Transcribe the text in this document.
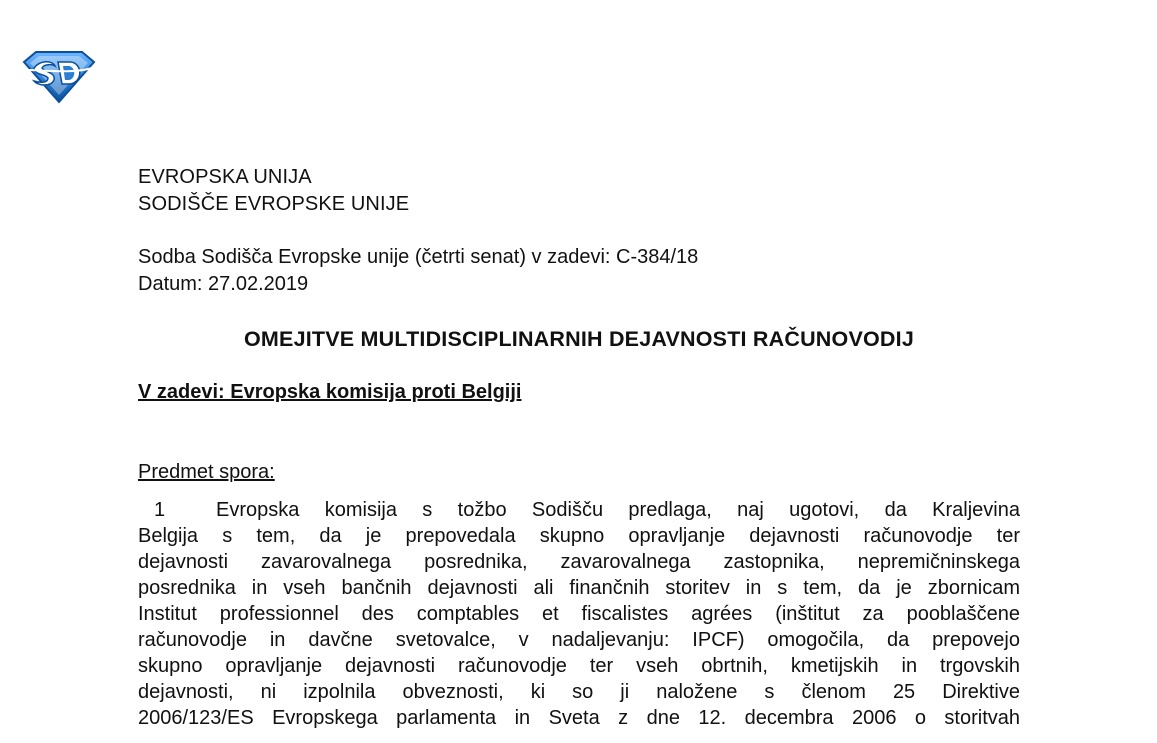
EVROPSKA UNIJA

SODIŠČE EVROPSKE UNIJE

Sodba Sodišča Evropske unije (četrti senat) v zadevi: C-384/18

Datum: 27.02.2019

OMEJITVE MULTIDISCIPLINARNIH DEJAVNOSTI RAČUNOVODIJ

V zadevi: Evropska komisija proti Belgiji

Predmet spora:

1	Evropska komisija s tožbo Sodišču predlaga, naj ugotovi, da Kraljevina
Belgija s tem, da je prepovedala skupno opravljanje dejavnosti računovodje ter
dejavnosti zavarovalnega posrednika, zavarovalnega zastopnika, nepremičninskega
posrednika in vseh bančnih dejavnosti ali finančnih storitev in s tem, da je zbornicam
Institut professionnel des comptables et fiscalistes agrées (inštitut za pooblaščene
računovodje in davčne svetovalce, v nadaljevanju: IPCF) omogočila, da prepovejo
skupno opravljanje dejavnosti računovodje ter vseh obrtnih, kmetijskih in trgovskih
dejavnosti, ni izpolnila obveznosti, ki so ji naložene s členom 25 Direktive
2006/123/ES Evropskega parlamenta in Sveta z dne 12. decembra 2006 o storitvah
